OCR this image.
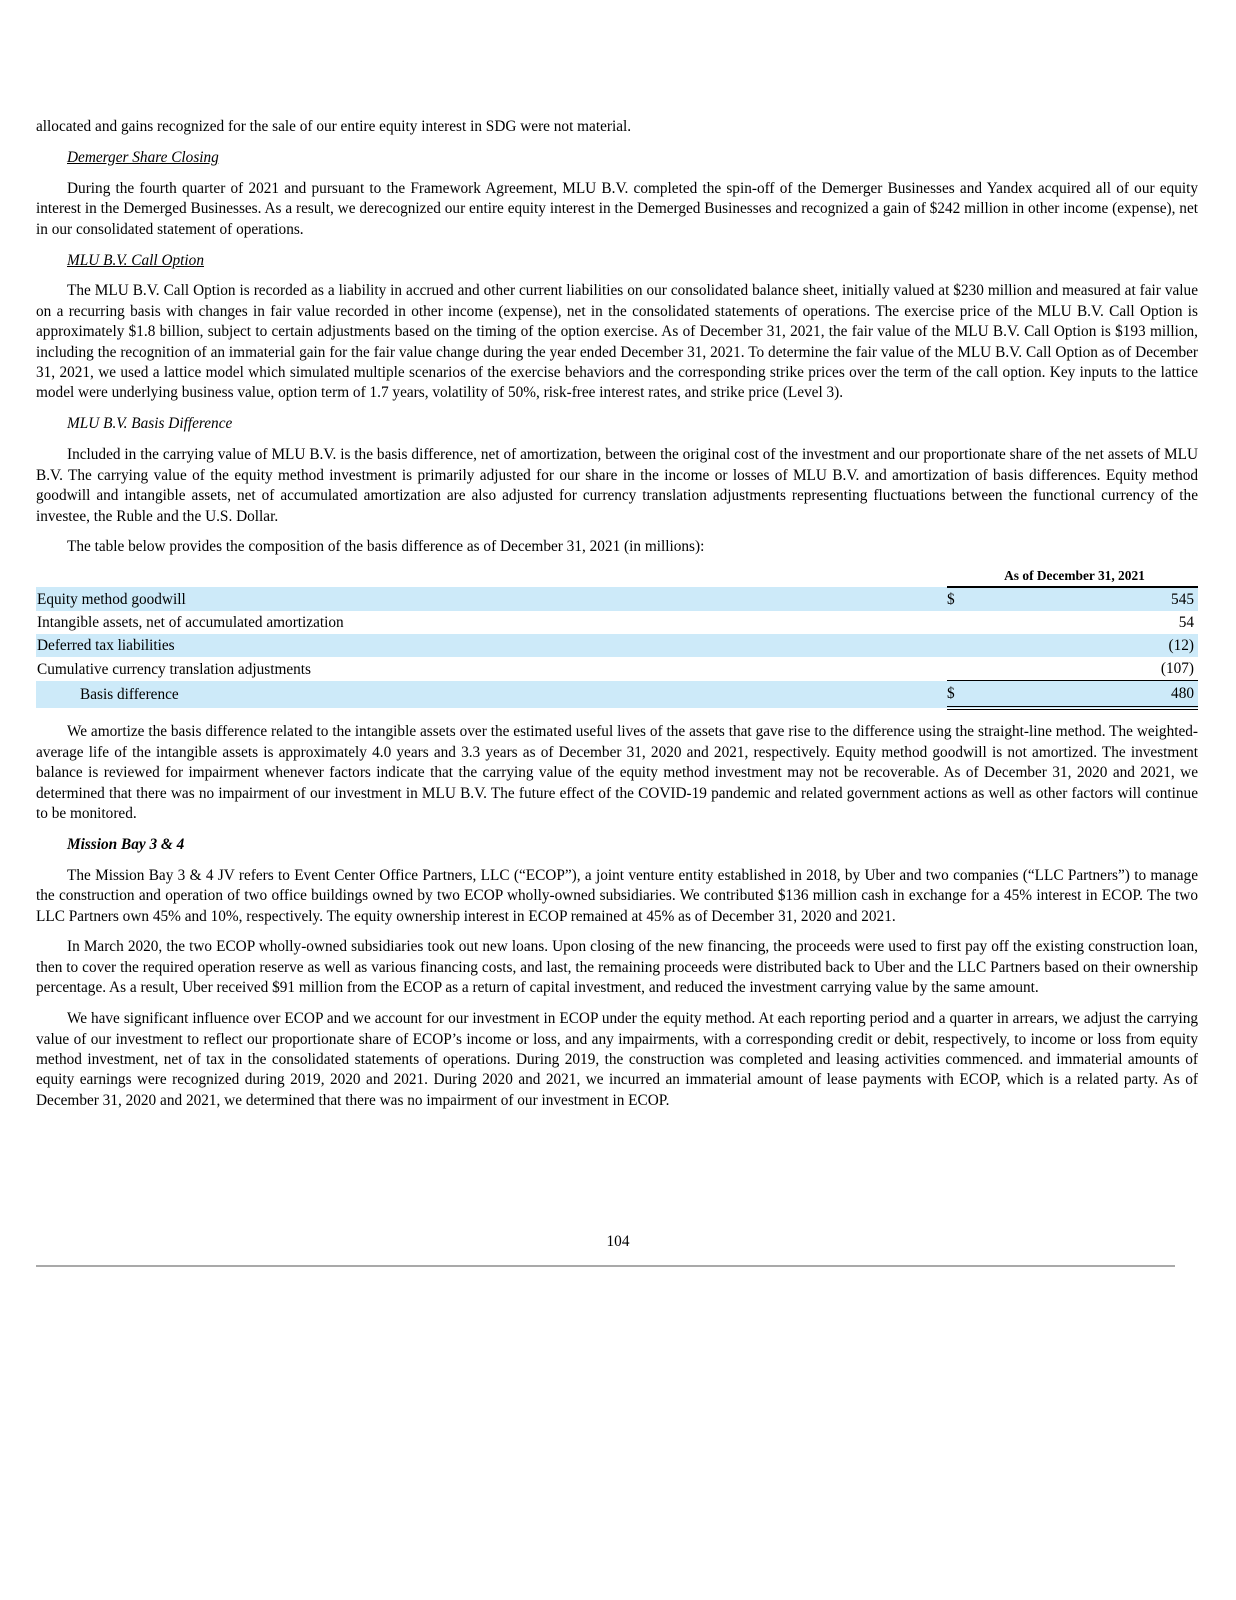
allocated and gains recognized for the sale of our entire equity interest in SDG were not material.

Demerger Share Closing

During the fourth quarter of 2021 and pursuant to the Framework Agreement, MLU B.V. completed the spin-off of the Demerger Businesses and Yandex acquired all of our equity interest in the Demerged Businesses. As a result, we derecognized our entire equity interest in the Demerged Businesses and recognized a gain of $242 million in other income (expense), net in our consolidated statement of operations.

MLU B.V. Call Option

The MLU B.V. Call Option is recorded as a liability in accrued and other current liabilities on our consolidated balance sheet, initially valued at $230 million and measured at fair value on a recurring basis with changes in fair value recorded in other income (expense), net in the consolidated statements of operations. The exercise price of the MLU B.V. Call Option is approximately $1.8 billion, subject to certain adjustments based on the timing of the option exercise. As of December 31, 2021, the fair value of the MLU B.V. Call Option is $193 million, including the recognition of an immaterial gain for the fair value change during the year ended December 31, 2021. To determine the fair value of the MLU B.V. Call Option as of December 31, 2021, we used a lattice model which simulated multiple scenarios of the exercise behaviors and the corresponding strike prices over the term of the call option. Key inputs to the lattice model were underlying business value, option term of 1.7 years, volatility of 50%, risk-free interest rates, and strike price (Level 3).

MLU B.V. Basis Difference

Included in the carrying value of MLU B.V. is the basis difference, net of amortization, between the original cost of the investment and our proportionate share of the net assets of MLU B.V. The carrying value of the equity method investment is primarily adjusted for our share in the income or losses of MLU B.V. and amortization of basis differences. Equity method goodwill and intangible assets, net of accumulated amortization are also adjusted for currency translation adjustments representing fluctuations between the functional currency of the investee, the Ruble and the U.S. Dollar.

The table below provides the composition of the basis difference as of December 31, 2021 (in millions):

As of December 31, 2021
Equity method goodwill		$	545
Intangible assets, net of accumulated amortization			54
Deferred tax liabilities			(12)
Cumulative currency translation adjustments			(107)
Basis difference		$	480

We amortize the basis difference related to the intangible assets over the estimated useful lives of the assets that gave rise to the difference using the straight-line method. The weighted-average life of the intangible assets is approximately 4.0 years and 3.3 years as of December 31, 2020 and 2021, respectively. Equity method goodwill is not amortized. The investment balance is reviewed for impairment whenever factors indicate that the carrying value of the equity method investment may not be recoverable. As of December 31, 2020 and 2021, we determined that there was no impairment of our investment in MLU B.V. The future effect of the COVID-19 pandemic and related government actions as well as other factors will continue to be monitored.

Mission Bay 3 & 4

The Mission Bay 3 & 4 JV refers to Event Center Office Partners, LLC (“ECOP”), a joint venture entity established in 2018, by Uber and two companies (“LLC Partners”) to manage the construction and operation of two office buildings owned by two ECOP wholly-owned subsidiaries. We contributed $136 million cash in exchange for a 45% interest in ECOP. The two LLC Partners own 45% and 10%, respectively. The equity ownership interest in ECOP remained at 45% as of December 31, 2020 and 2021.

In March 2020, the two ECOP wholly-owned subsidiaries took out new loans. Upon closing of the new financing, the proceeds were used to first pay off the existing construction loan, then to cover the required operation reserve as well as various financing costs, and last, the remaining proceeds were distributed back to Uber and the LLC Partners based on their ownership percentage. As a result, Uber received $91 million from the ECOP as a return of capital investment, and reduced the investment carrying value by the same amount.

We have significant influence over ECOP and we account for our investment in ECOP under the equity method. At each reporting period and a quarter in arrears, we adjust the carrying value of our investment to reflect our proportionate share of ECOP’s income or loss, and any impairments, with a corresponding credit or debit, respectively, to income or loss from equity method investment, net of tax in the consolidated statements of operations. During 2019, the construction was completed and leasing activities commenced. and immaterial amounts of equity earnings were recognized during 2019, 2020 and 2021. During 2020 and 2021, we incurred an immaterial amount of lease payments with ECOP, which is a related party. As of December 31, 2020 and 2021, we determined that there was no impairment of our investment in ECOP.

104
